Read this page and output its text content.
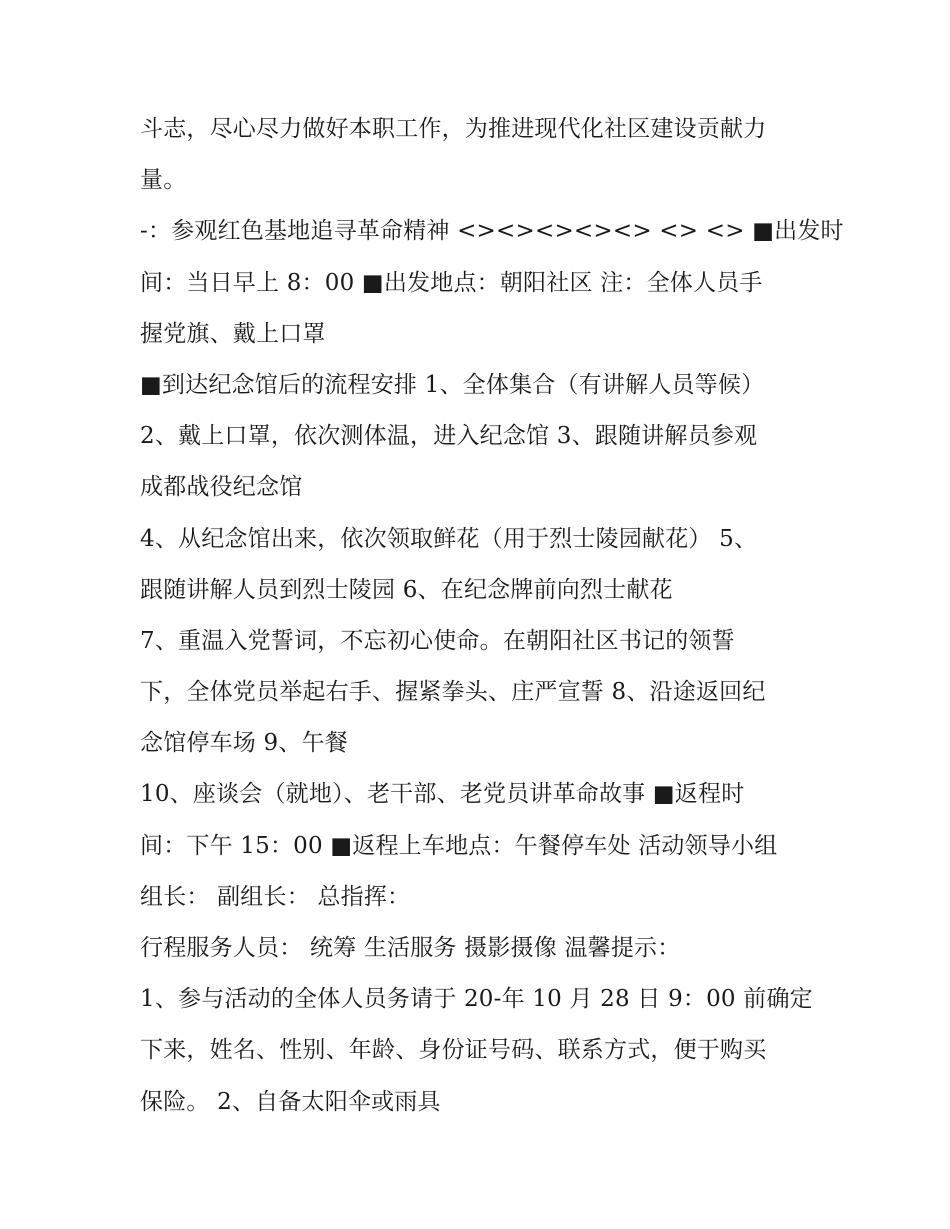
斗志，尽心尽力做好本职工作，为推进现代化社区建设贡献力
量。
-：参观红色基地追寻革命精神 <><><><><> <> <> ■出发时
间：当日早上 8：00 ■出发地点：朝阳社区 注：全体人员手
握党旗、戴上口罩
■到达纪念馆后的流程安排 1、全体集合（有讲解人员等候）
2、戴上口罩，依次测体温，进入纪念馆 3、跟随讲解员参观
成都战役纪念馆
4、从纪念馆出来，依次领取鲜花（用于烈士陵园献花） 5、
跟随讲解人员到烈士陵园 6、在纪念牌前向烈士献花
7、重温入党誓词，不忘初心使命。在朝阳社区书记的领誓
下，全体党员举起右手、握紧拳头、庄严宣誓 8、沿途返回纪
念馆停车场 9、午餐
10、座谈会（就地）、老干部、老党员讲革命故事 ■返程时
间：下午 15：00 ■返程上车地点：午餐停车处 活动领导小组
组长： 副组长： 总指挥：
行程服务人员： 统筹 生活服务 摄影摄像 温馨提示：
1、参与活动的全体人员务请于 20-年 10 月 28 日 9：00 前确定
下来，姓名、性别、年龄、身份证号码、联系方式，便于购买
保险。 2、自备太阳伞或雨具
